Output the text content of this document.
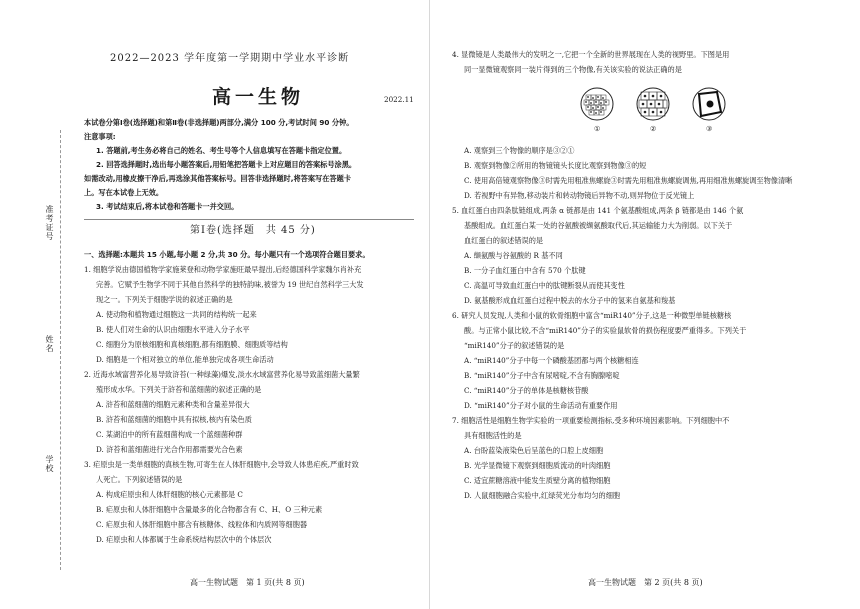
准考证号
姓名
学校
2022—2023 学年度第一学期期中学业水平诊断
高一生物	2022.11
本试卷分第Ⅰ卷(选择题)和第Ⅱ卷(非选择题)两部分,满分 100 分,考试时间 90 分钟。
注意事项:
1. 答题前,考生务必将自己的姓名、考生号等个人信息填写在答题卡指定位置。
2. 回答选择题时,选出每小题答案后,用铅笔把答题卡上对应题目的答案标号涂黑。
如需改动,用橡皮擦干净后,再选涂其他答案标号。回答非选择题时,将答案写在答题卡
上。写在本试卷上无效。
3. 考试结束后,将本试卷和答题卡一并交回。
第Ⅰ卷(选择题　共 45 分)
一、选择题:本题共 15 小题,每小题 2 分,共 30 分。每小题只有一个选项符合题目要求。
1. 细胞学说由德国植物学家施莱登和动物学家施旺最早提出,后经德国科学家魏尔肖补充
完善。它赋予生物学不同于其他自然科学的独特韵味,被誉为 19 世纪自然科学三大发
现之一。下列关于细胞学说的叙述正确的是
A. 使动物和植物通过细胞这一共同的结构统一起来
B. 使人们对生命的认识由细胞水平进入分子水平
C. 细胞分为原核细胞和真核细胞,都有细胞膜、细胞质等结构
D. 细胞是一个相对独立的单位,能单独完成各项生命活动
2. 近海水域富营养化易导致浒苔(一种绿藻)爆发,淡水水域富营养化易导致蓝细菌大量繁
殖形成水华。下列关于浒苔和蓝细菌的叙述正确的是
A. 浒苔和蓝细菌的细胞元素种类和含量差异很大
B. 浒苔和蓝细菌的细胞中具有拟核,核内有染色质
C. 某湖泊中的所有蓝细菌构成一个蓝细菌种群
D. 浒苔和蓝细菌进行光合作用都需要光合色素
3. 疟原虫是一类单细胞的真核生物,可寄生在人体肝细胞中,会导致人体患疟疾,严重时致
人死亡。下列叙述错误的是
A. 构成疟原虫和人体肝细胞的核心元素都是 C
B. 疟原虫和人体肝细胞中含量最多的化合物都含有 C、H、O 三种元素
C. 疟原虫和人体肝细胞中都含有核糖体、线粒体和内质网等细胞器
D. 疟原虫和人体都属于生命系统结构层次中的个体层次
高一生物试题　第 1 页(共 8 页)
4. 显微镜是人类最伟大的发明之一,它把一个全新的世界展现在人类的视野里。下图是用
同一显微镜观察同一装片得到的三个物像,有关该实验的说法正确的是
①	②	③
A. 观察到三个物像的顺序是③②①
B. 观察到物像②所用的物镜镜头长度比观察到物像③的短
C. 使用高倍镜观察物像③时需先用粗准焦螺旋③时需先用粗准焦螺旋调焦,再用细准焦螺旋调至物像清晰
D. 若视野中有异物,移动装片和转动物镜后异物不动,则异物位于反光镜上
5. 血红蛋白由四条肽链组成,两条 α 链都是由 141 个氨基酸组成,两条 β 链都是由 146 个氨
基酸组成。血红蛋白某一处的谷氨酸被缬氨酸取代后,其运输能力大为削弱。以下关于
血红蛋白的叙述错误的是
A. 缬氨酸与谷氨酸的 R 基不同
B. 一分子血红蛋白中含有 570 个肽键
C. 高温可导致血红蛋白中的肽键断裂从而使其变性
D. 氨基酸形成血红蛋白过程中脱去的水分子中的氢来自氨基和羧基
6. 研究人员发现,人类和小鼠的软骨细胞中富含“miR140”分子,这是一种微型单链核糖核
酸。与正常小鼠比较,不含“miR140”分子的实验鼠软骨的损伤程度要严重得多。下列关于
“miR140”分子的叙述错误的是
A. “miR140”分子中每一个磷酸基团都与两个核糖相连
B. “miR140”分子中含有尿嘧啶,不含有胸腺嘧啶
C. “miR140”分子的单体是核糖核苷酸
D. “miR140”分子对小鼠的生命活动有重要作用
7. 细胞活性是细胞生物学实验的一项重要检测指标,受多种环境因素影响。下列细胞中不
具有细胞活性的是
A. 台盼蓝染液染色后呈蓝色的口腔上皮细胞
B. 光学显微镜下观察到细胞质流动的叶肉细胞
C. 适宜蔗糖溶液中能发生质壁分离的植物细胞
D. 人鼠细胞融合实验中,红绿荧光分布均匀的细胞
高一生物试题　第 2 页(共 8 页)
